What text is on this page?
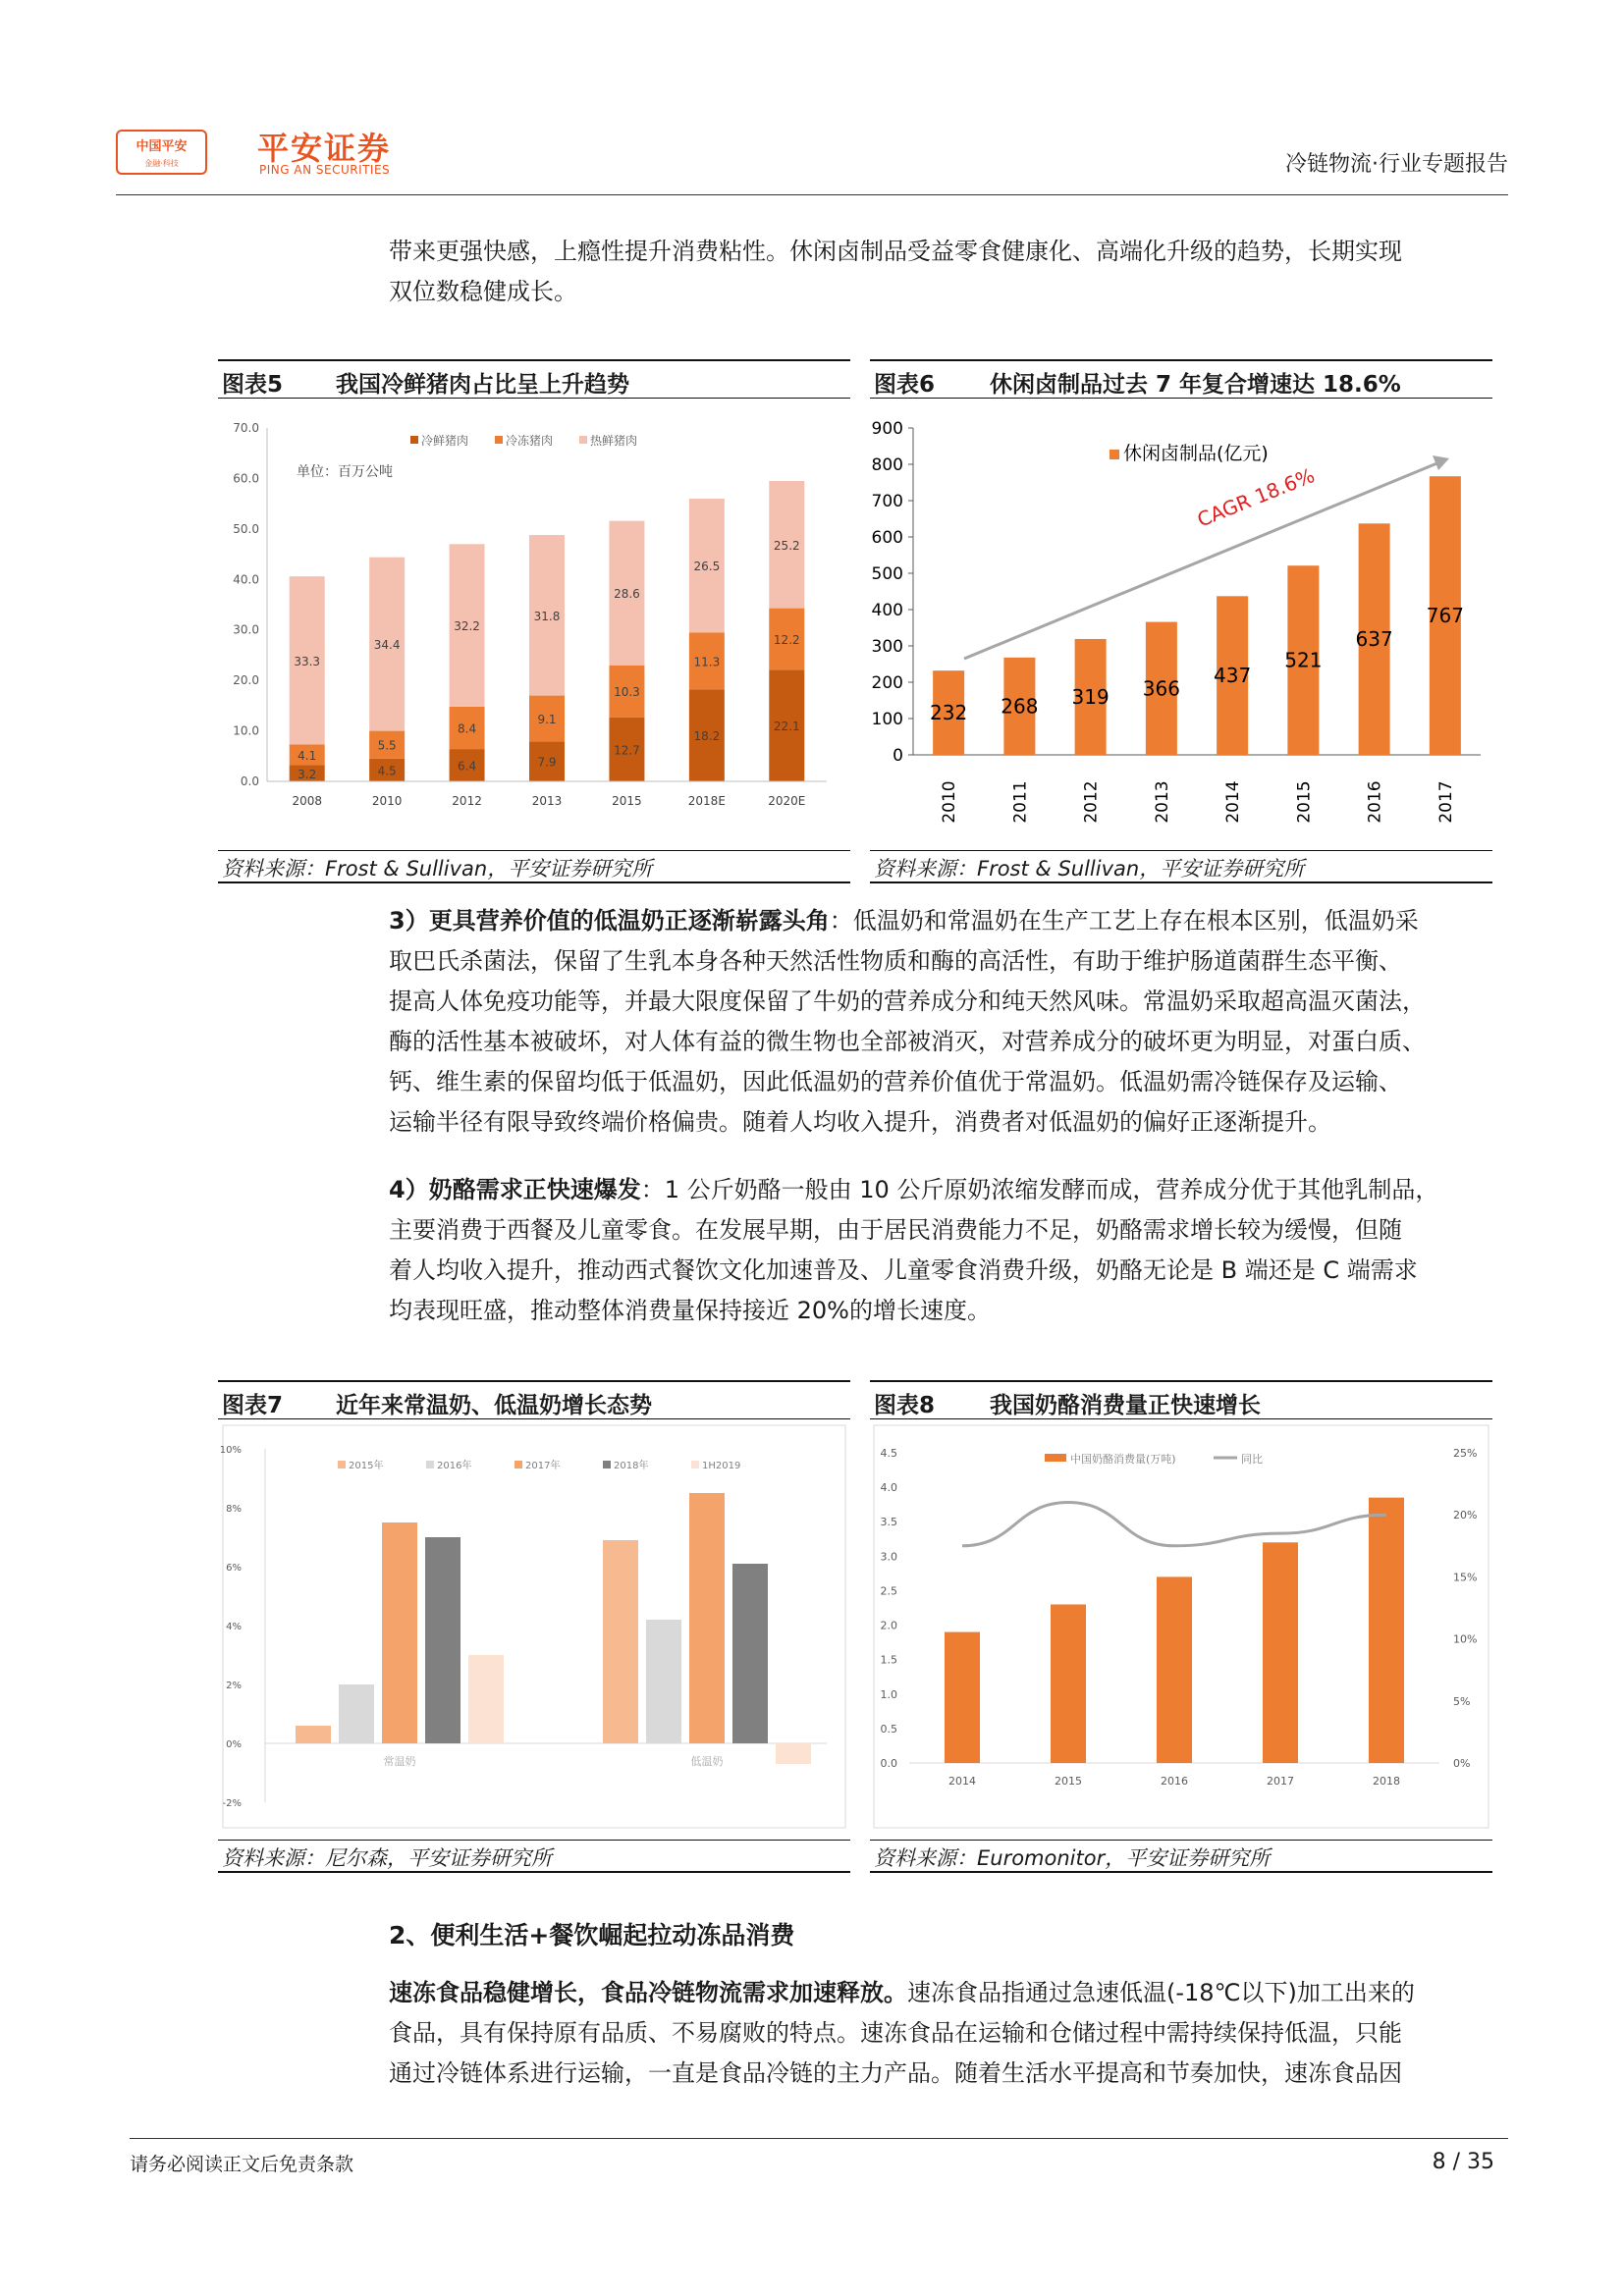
中国平安
金融·科技	平安证券
PING AN SECURITIES	冷链物流·行业专题报告
带来更强快感，上瘾性提升消费粘性。休闲卤制品受益零食健康化、高端化升级的趋势，长期实现
双位数稳健成长。
图表5 我国冷鲜猪肉占比呈上升趋势
3.2
4.1
33.3
4.5
5.5
34.4
6.4
8.4
32.2
7.9
9.1
31.8
12.7
10.3
28.6
18.2
11.3
26.5
22.1
12.2
25.2
0.0
10.0
20.0
30.0
40.0
50.0
60.0
70.0
2008	2010	2012	2013	2015	2018E	2020E
冷鲜猪肉	冷冻猪肉	热鲜猪肉
单位：百万公吨
资料来源：Frost & Sullivan，平安证券研究所
图表6 休闲卤制品过去 7 年复合增速达 18.6%
0
100
200
300
400
500
600
700
800
900
2010	2011	2012	2013	2014	2015	2016	2017
232 268 319 366
437
521
637
767
休闲卤制品(亿元)
CAGR 18.6%
资料来源：Frost & Sullivan，平安证券研究所
3）更具营养价值的低温奶正逐渐崭露头角：低温奶和常温奶在生产工艺上存在根本区别，低温奶采
取巴氏杀菌法，保留了生乳本身各种天然活性物质和酶的高活性，有助于维护肠道菌群生态平衡、
提高人体免疫功能等，并最大限度保留了牛奶的营养成分和纯天然风味。常温奶采取超高温灭菌法，
酶的活性基本被破坏，对人体有益的微生物也全部被消灭，对营养成分的破坏更为明显，对蛋白质、
钙、维生素的保留均低于低温奶，因此低温奶的营养价值优于常温奶。低温奶需冷链保存及运输、
运输半径有限导致终端价格偏贵。随着人均收入提升，消费者对低温奶的偏好正逐渐提升。
4）奶酪需求正快速爆发：1 公斤奶酪一般由 10 公斤原奶浓缩发酵而成，营养成分优于其他乳制品，
主要消费于西餐及儿童零食。在发展早期，由于居民消费能力不足，奶酪需求增长较为缓慢，但随
着人均收入提升，推动西式餐饮文化加速普及、儿童零食消费升级，奶酪无论是 B 端还是 C 端需求
均表现旺盛，推动整体消费量保持接近 20%的增长速度。
图表7 近年来常温奶、低温奶增长态势
-2%
0%
2%
4%
6%
8%
10%
常温奶	低温奶
2015年	2016年	2017年	2018年	1H2019
资料来源：尼尔森，平安证券研究所
图表8 我国奶酪消费量正快速增长
0.0
0.5
1.0
1.5
2.0
2.5
3.0
3.5
4.0
4.5
0%
5%
10%
15%
20%
25%
2014	2015	2016	2017	2018
中国奶酪消费量(万吨)	同比
资料来源：Euromonitor，平安证券研究所
2、便利生活+餐饮崛起拉动冻品消费
速冻食品稳健增长，食品冷链物流需求加速释放。速冻食品指通过急速低温(-18℃以下)加工出来的
食品，具有保持原有品质、不易腐败的特点。速冻食品在运输和仓储过程中需持续保持低温，只能
通过冷链体系进行运输，一直是食品冷链的主力产品。随着生活水平提高和节奏加快，速冻食品因
请务必阅读正文后免责条款	8 / 35
